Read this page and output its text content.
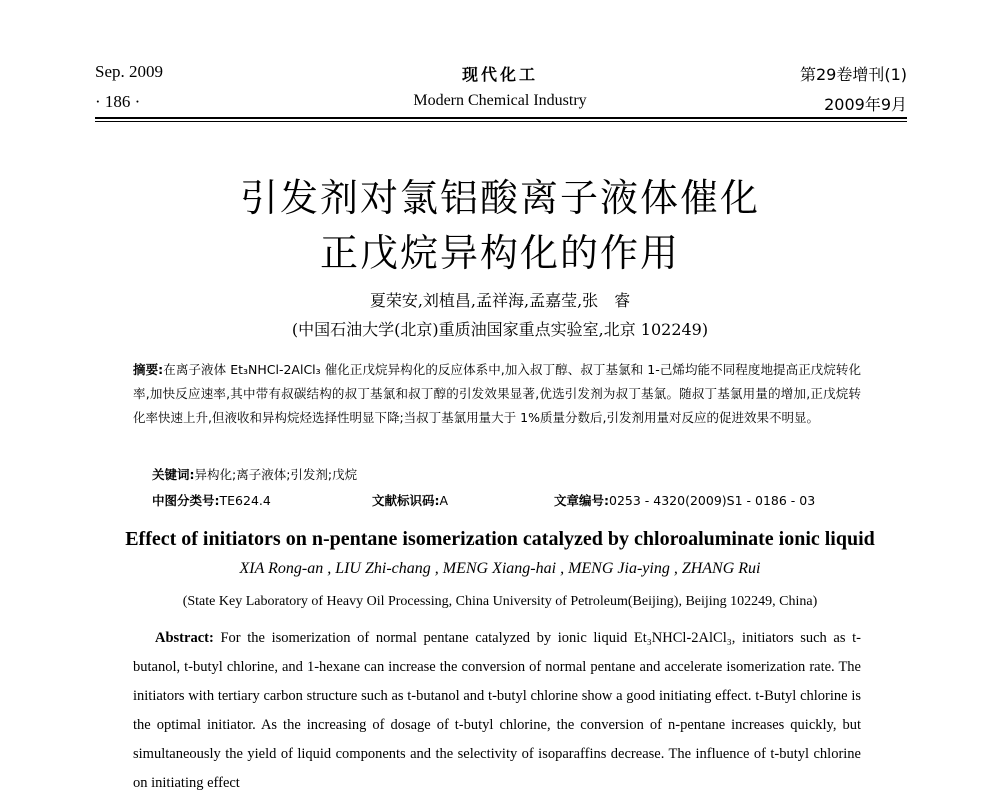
Sep. 2009
· 186 ·
现代化工
Modern Chemical Industry
第29卷增刊(1)
2009年9月
引发剂对氯铝酸离子液体催化
正戊烷异构化的作用
夏荣安,刘植昌,孟祥海,孟嘉莹,张　睿
(中国石油大学(北京)重质油国家重点实验室,北京 102249)
摘要:在离子液体 Et₃NHCl-2AlCl₃ 催化正戊烷异构化的反应体系中,加入叔丁醇、叔丁基氯和 1-己烯均能不同程度地提高正戊烷转化率,加快反应速率,其中带有叔碳结构的叔丁基氯和叔丁醇的引发效果显著,优选引发剂为叔丁基氯。随叔丁基氯用量的增加,正戊烷转化率快速上升,但液收和异构烷烃选择性明显下降;当叔丁基氯用量大于 1%质量分数后,引发剂用量对反应的促进效果不明显。
关键词:异构化;离子液体;引发剂;戊烷
中图分类号:TE624.4	文献标识码:A	文章编号:0253 - 4320(2009)S1 - 0186 - 03
Effect of initiators on n-pentane isomerization catalyzed by chloroaluminate ionic liquid
XIA Rong-an , LIU Zhi-chang , MENG Xiang-hai , MENG Jia-ying , ZHANG Rui
(State Key Laboratory of Heavy Oil Processing, China University of Petroleum(Beijing), Beijing 102249, China)
Abstract: For the isomerization of normal pentane catalyzed by ionic liquid Et₃NHCl-2AlCl₃, initiators such as t-butanol, t-butyl chlorine, and 1-hexane can increase the conversion of normal pentane and accelerate isomerization rate. The initiators with tertiary carbon structure such as t-butanol and t-butyl chlorine show a good initiating effect. t-Butyl chlorine is the optimal initiator. As the increasing of dosage of t-butyl chlorine, the conversion of n-pentane increases quickly, but simultaneously the yield of liquid components and the selectivity of isoparaffins decrease. The influence of t-butyl chlorine on initiating effect
